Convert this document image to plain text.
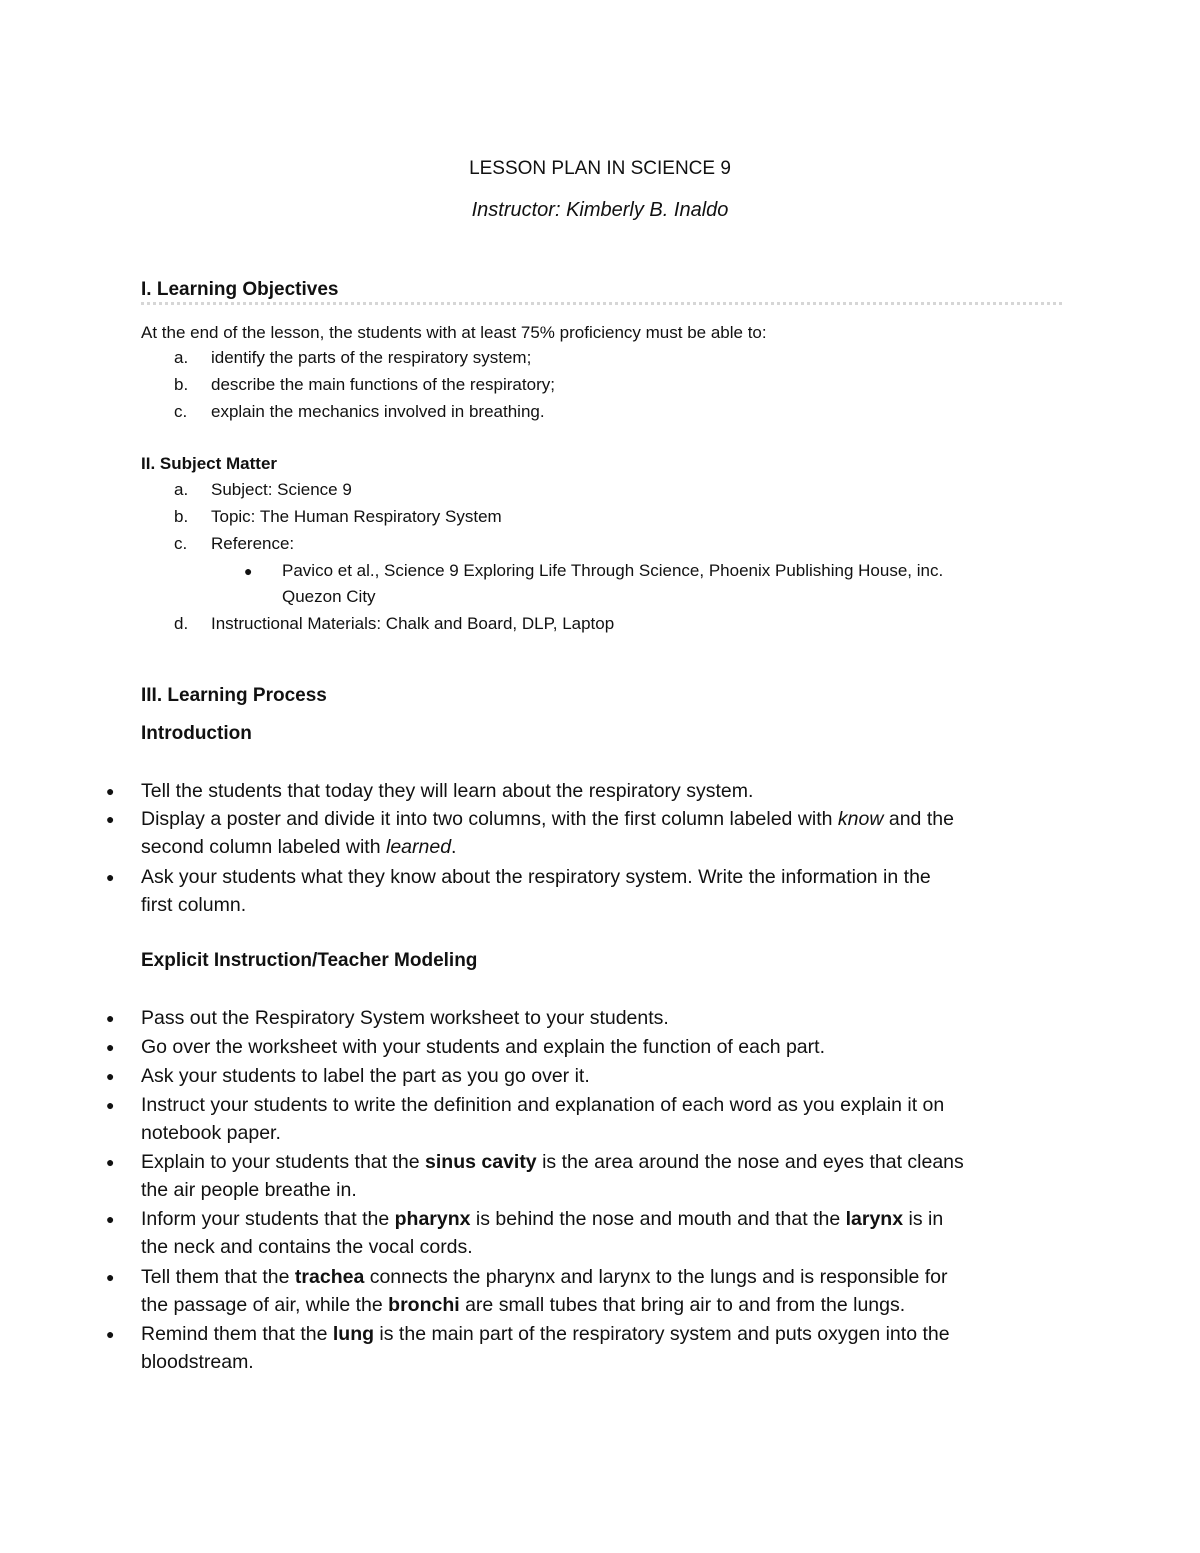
LESSON PLAN IN SCIENCE 9
Instructor: Kimberly B. Inaldo
I. Learning Objectives
At the end of the lesson, the students with at least 75% proficiency must be able to:
a. identify the parts of the respiratory system;
b. describe the main functions of the respiratory;
c. explain the mechanics involved in breathing.
II. Subject Matter
a. Subject: Science 9
b. Topic: The Human Respiratory System
c. Reference:
● Pavico et al., Science 9 Exploring Life Through Science, Phoenix Publishing House, inc.
Quezon City
d. Instructional Materials: Chalk and Board, DLP, Laptop
III. Learning Process
Introduction
● Tell the students that today they will learn about the respiratory system.
● Display a poster and divide it into two columns, with the first column labeled with know and the
second column labeled with learned.
● Ask your students what they know about the respiratory system. Write the information in the
first column.
Explicit Instruction/Teacher Modeling
● Pass out the Respiratory System worksheet to your students.
● Go over the worksheet with your students and explain the function of each part.
● Ask your students to label the part as you go over it.
● Instruct your students to write the definition and explanation of each word as you explain it on
notebook paper.
● Explain to your students that the sinus cavity is the area around the nose and eyes that cleans
the air people breathe in.
● Inform your students that the pharynx is behind the nose and mouth and that the larynx is in
the neck and contains the vocal cords.
● Tell them that the trachea connects the pharynx and larynx to the lungs and is responsible for
the passage of air, while the bronchi are small tubes that bring air to and from the lungs.
● Remind them that the lung is the main part of the respiratory system and puts oxygen into the
bloodstream.
